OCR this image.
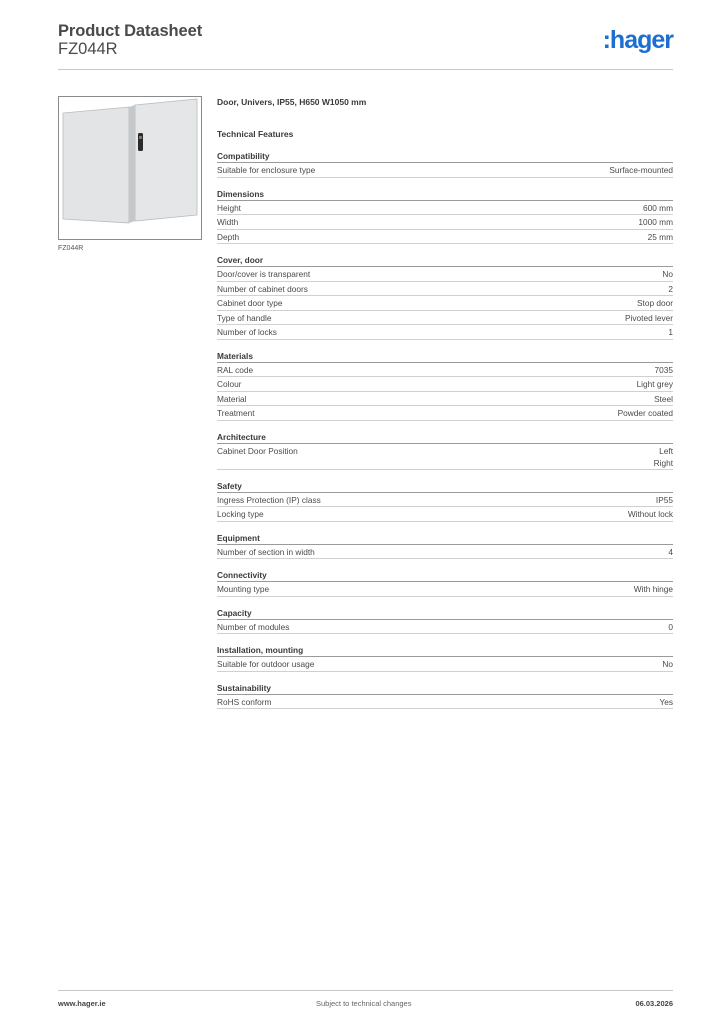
Product Datasheet
FZ044R	:hager
FZ044R
Door, Univers, IP55, H650 W1050 mm
Technical Features
Compatibility
Suitable for enclosure type	Surface-mounted
Dimensions
Height	600 mm
Width	1000 mm
Depth	25 mm
Cover, door
Door/cover is transparent	No
Number of cabinet doors	2
Cabinet door type	Stop door
Type of handle	Pivoted lever
Number of locks	1
Materials
RAL code	7035
Colour	Light grey
Material	Steel
Treatment	Powder coated
Architecture
Cabinet Door Position	Left
Right
Safety
Ingress Protection (IP) class	IP55
Locking type	Without lock
Equipment
Number of section in width	4
Connectivity
Mounting type	With hinge
Capacity
Number of modules	0
Installation, mounting
Suitable for outdoor usage	No
Sustainability
RoHS conform	Yes
www.hager.ie	Subject to technical changes	06.03.2026
